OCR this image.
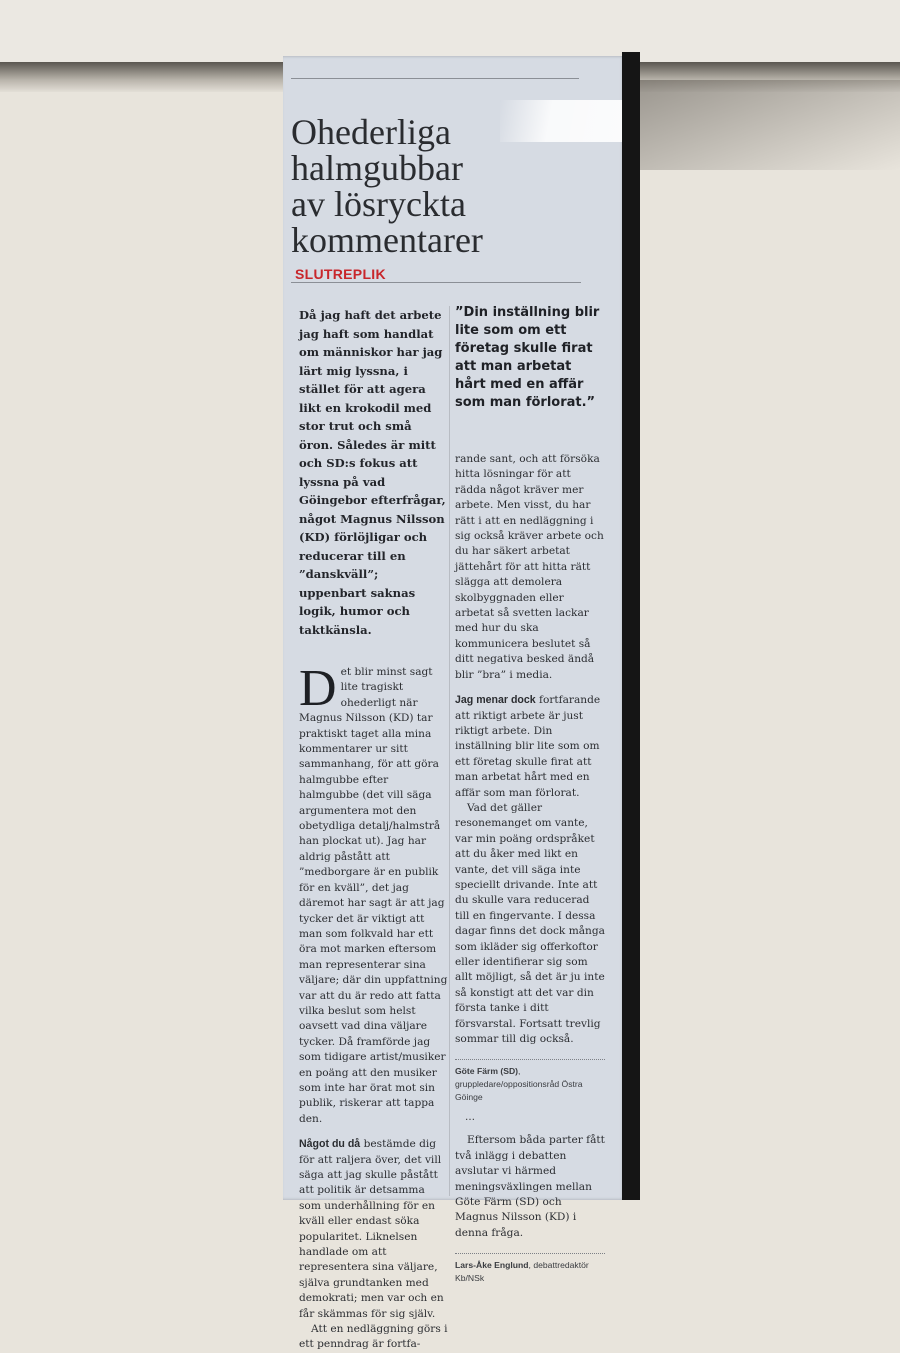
Ohederliga
halmgubbar
av lösryckta
kommentarer
SLUTREPLIK

Då jag haft det arbete jag haft som handlat om människor har jag lärt mig lyssna, i stället för att agera likt en krokodil med stor trut och små öron. Således är mitt och SD:s fokus att lyssna på vad Göingebor efterfrågar, något Magnus Nilsson (KD) förlöjligar och reducerar till en ”danskväll”; uppenbart saknas logik, humor och taktkänsla.

Det blir minst sagt lite tragiskt ohederligt när Magnus Nilsson (KD) tar praktiskt taget alla mina kommentarer ur sitt sammanhang, för att göra halmgubbe efter halmgubbe (det vill säga argumentera mot den obetydliga detalj/halmstrå han plockat ut). Jag har aldrig påstått att ”medborgare är en publik för en kväll”, det jag däremot har sagt är att jag tycker det är viktigt att man som folkvald har ett öra mot marken eftersom man representerar sina väljare; där din uppfattning var att du är redo att fatta vilka beslut som helst oavsett vad dina väljare tycker. Då framförde jag som tidigare artist/musiker en poäng att den musiker som inte har örat mot sin publik, riskerar att tappa den.

Något du då bestämde dig för att raljera över, det vill säga att jag skulle påstått att politik är detsamma som underhållning för en kväll eller endast söka popularitet. Liknelsen handlade om att representera sina väljare, själva grundtanken med demokrati; men var och en får skämmas för sig själv.

Att en nedläggning görs i ett penndrag är fortfa-

”Din inställning blir lite som om ett företag skulle firat att man arbetat hårt med en affär som man förlorat.”

rande sant, och att försöka hitta lösningar för att rädda något kräver mer arbete. Men visst, du har rätt i att en nedläggning i sig också kräver arbete och du har säkert arbetat jättehårt för att hitta rätt släggа att demolera skolbyggnaden eller arbetat så svetten lackar med hur du ska kommunicera beslutet så ditt negativa besked ändå blir ”bra” i media.

Jag menar dock fortfarande att riktigt arbete är just riktigt arbete. Din inställning blir lite som om ett företag skulle firat att man arbetat hårt med en affär som man förlorat.

Vad det gäller resonemanget om vante, var min poäng ordspråket att du åker med likt en vante, det vill säga inte speciellt drivande. Inte att du skulle vara reducerad till en fingervante. I dessa dagar finns det dock många som ikläder sig offerkoftor eller identifierar sig som allt möjligt, så det är ju inte så konstigt att det var din första tanke i ditt försvarstal. Fortsatt trevlig sommar till dig också.

Göte Färm (SD), gruppledare/oppositionsråd Östra Göinge
…

Eftersom båda parter fått två inlägg i debatten avslutar vi härmed meningsväxlingen mellan Göte Färm (SD) och Magnus Nilsson (KD) i denna fråga.

Lars-Åke Englund, debattredaktör Kb/NSk
